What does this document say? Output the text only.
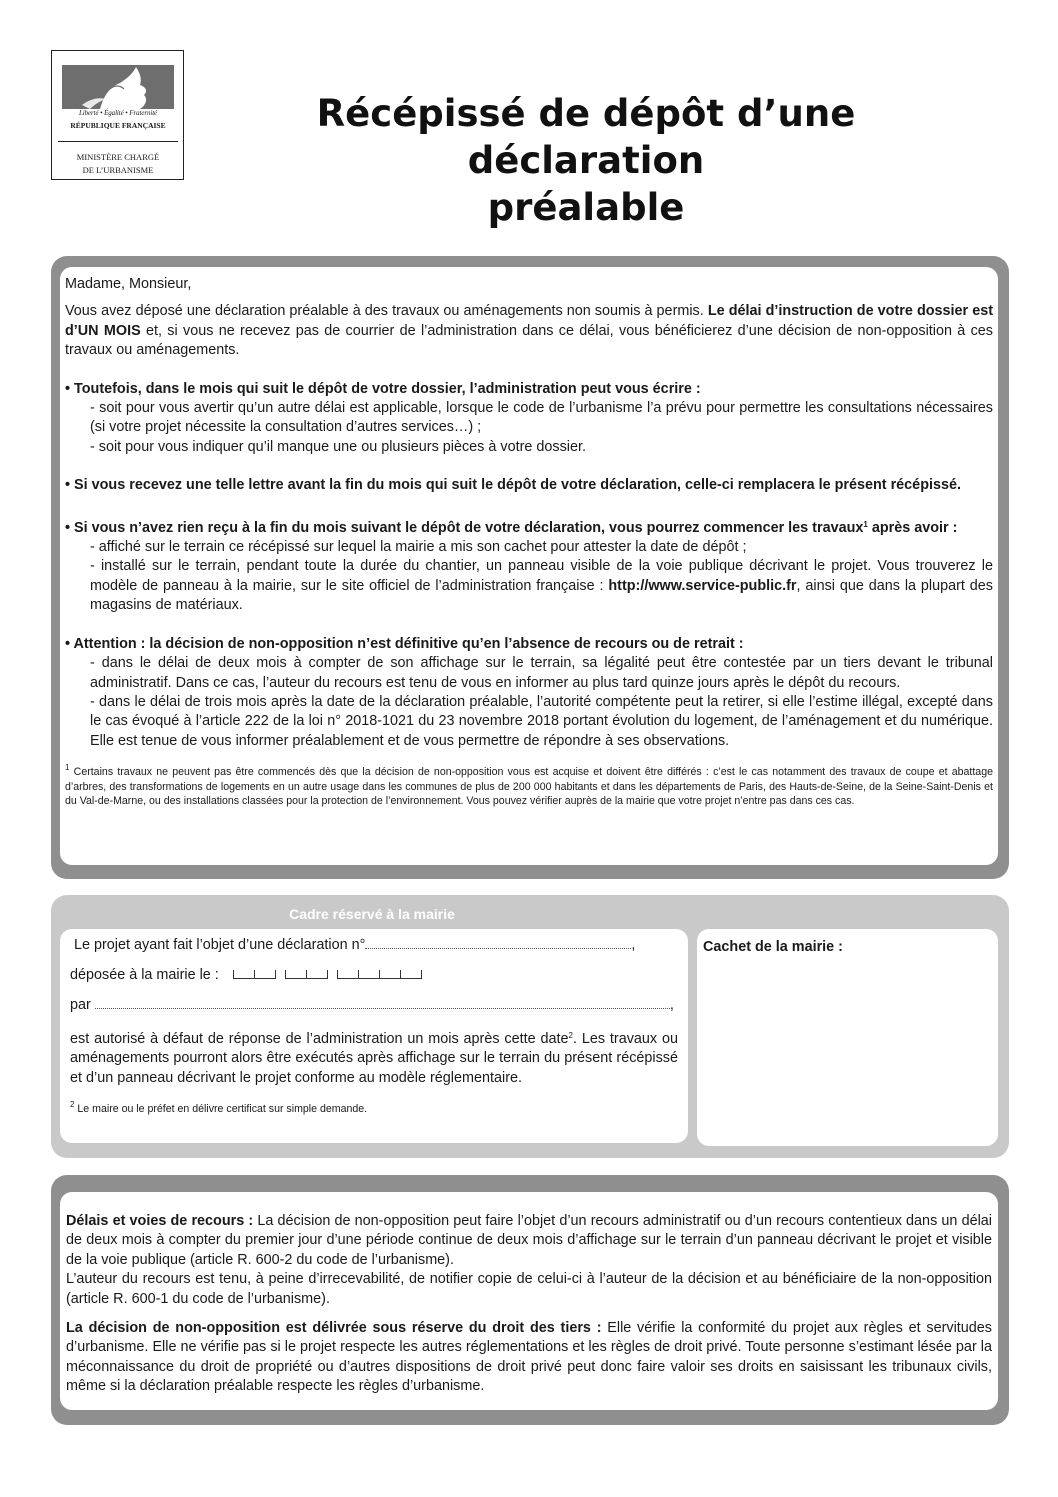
Liberté • Égalité • Fraternité
RÉPUBLIQUE FRANÇAISE
MINISTÈRE CHARGÉ
DE L’URBANISME
Récépissé de dépôt d’une déclaration
préalable

Madame, Monsieur,

Vous avez déposé une déclaration préalable à des travaux ou aménagements non soumis à permis. Le délai d’instruction de votre dossier est d’UN MOIS et, si vous ne recevez pas de courrier de l’administration dans ce délai, vous bénéficierez d’une décision de non-opposition à ces travaux ou aménagements.

• Toutefois, dans le mois qui suit le dépôt de votre dossier, l’administration peut vous écrire :

- soit pour vous avertir qu’un autre délai est applicable, lorsque le code de l’urbanisme l’a prévu pour permettre les consultations nécessaires (si votre projet nécessite la consultation d’autres services…) ;

- soit pour vous indiquer qu’il manque une ou plusieurs pièces à votre dossier.

• Si vous recevez une telle lettre avant la fin du mois qui suit le dépôt de votre déclaration, celle-ci remplacera le présent récépissé.

• Si vous n’avez rien reçu à la fin du mois suivant le dépôt de votre déclaration, vous pourrez commencer les travaux$^1$ après avoir :

- affiché sur le terrain ce récépissé sur lequel la mairie a mis son cachet pour attester la date de dépôt ;

- installé sur le terrain, pendant toute la durée du chantier, un panneau visible de la voie publique décrivant le projet. Vous trouverez le modèle de panneau à la mairie, sur le site officiel de l’administration française : http://www.service-public.fr, ainsi que dans la plupart des magasins de matériaux.

• Attention : la décision de non-opposition n’est définitive qu’en l’absence de recours ou de retrait :

- dans le délai de deux mois à compter de son affichage sur le terrain, sa légalité peut être contestée par un tiers devant le tribunal administratif. Dans ce cas, l’auteur du recours est tenu de vous en informer au plus tard quinze jours après le dépôt du recours.

- dans le délai de trois mois après la date de la déclaration préalable, l’autorité compétente peut la retirer, si elle l’estime illégal, excepté dans le cas évoqué à l’article 222 de la loi n° 2018-1021 du 23 novembre 2018 portant évolution du logement, de l’aménagement et du numérique. Elle est tenue de vous informer préalablement et de vous permettre de répondre à ses observations.

$^1$ Certains travaux ne peuvent pas être commencés dès que la décision de non-opposition vous est acquise et doivent être différés : c’est le cas notamment des travaux de coupe et abattage d’arbres, des transformations de logements en un autre usage dans les communes de plus de 200 000 habitants et dans les départements de Paris, des Hauts-de-Seine, de la Seine-Saint-Denis et du Val-de-Marne, ou des installations classées pour la protection de l’environnement. Vous pouvez vérifier auprès de la mairie que votre projet n’entre pas dans ces cas.

Cadre réservé à la mairie
Cachet de la mairie :
Le projet ayant fait l’objet d’une déclaration n°	,
déposée à la mairie le :
par	,

est autorisé à défaut de réponse de l’administration un mois après cette date$^2$. Les travaux ou aménagements pourront alors être exécutés après affichage sur le terrain du présent récépissé et d’un panneau décrivant le projet conforme au modèle réglementaire.

$^2$ Le maire ou le préfet en délivre certificat sur simple demande.

Délais et voies de recours : La décision de non-opposition peut faire l’objet d’un recours administratif ou d’un recours contentieux dans un délai de deux mois à compter du premier jour d’une période continue de deux mois d’affichage sur le terrain d’un panneau décrivant le projet et visible de la voie publique (article R. 600-2 du code de l’urbanisme).

L’auteur du recours est tenu, à peine d’irrecevabilité, de notifier copie de celui-ci à l’auteur de la décision et au bénéficiaire de la non-opposition (article R. 600-1 du code de l’urbanisme).

La décision de non-opposition est délivrée sous réserve du droit des tiers : Elle vérifie la conformité du projet aux règles et servitudes d’urbanisme. Elle ne vérifie pas si le projet respecte les autres réglementations et les règles de droit privé. Toute personne s’estimant lésée par la méconnaissance du droit de propriété ou d’autres dispositions de droit privé peut donc faire valoir ses droits en saisissant les tribunaux civils, même si la déclaration préalable respecte les règles d’urbanisme.
